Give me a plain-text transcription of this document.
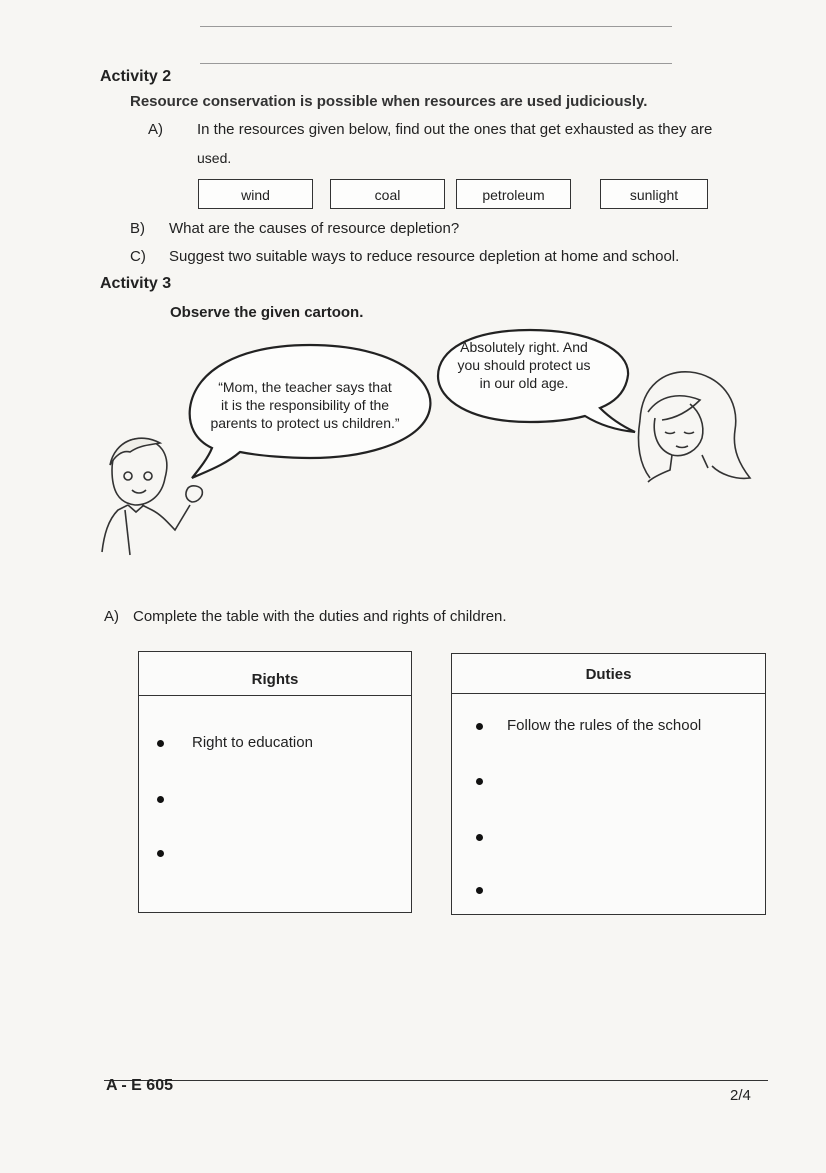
Activity 2
Resource conservation is possible when resources are used judiciously.
A) In the resources given below, find out the ones that get exhausted as they are
used.
wind	coal	petroleum	sunlight
B) What are the causes of resource depletion?
C) Suggest two suitable ways to reduce resource depletion at home and school.
Activity 3
Observe the given cartoon.
“Mom, the teacher says that
it is the responsibility of the
parents to protect us children.”
Absolutely right. And
you should protect us
in our old age.
A) Complete the table with the duties and rights of children.
Rights
Right to education
Duties
Follow the rules of the school
A - E 605
2/4
